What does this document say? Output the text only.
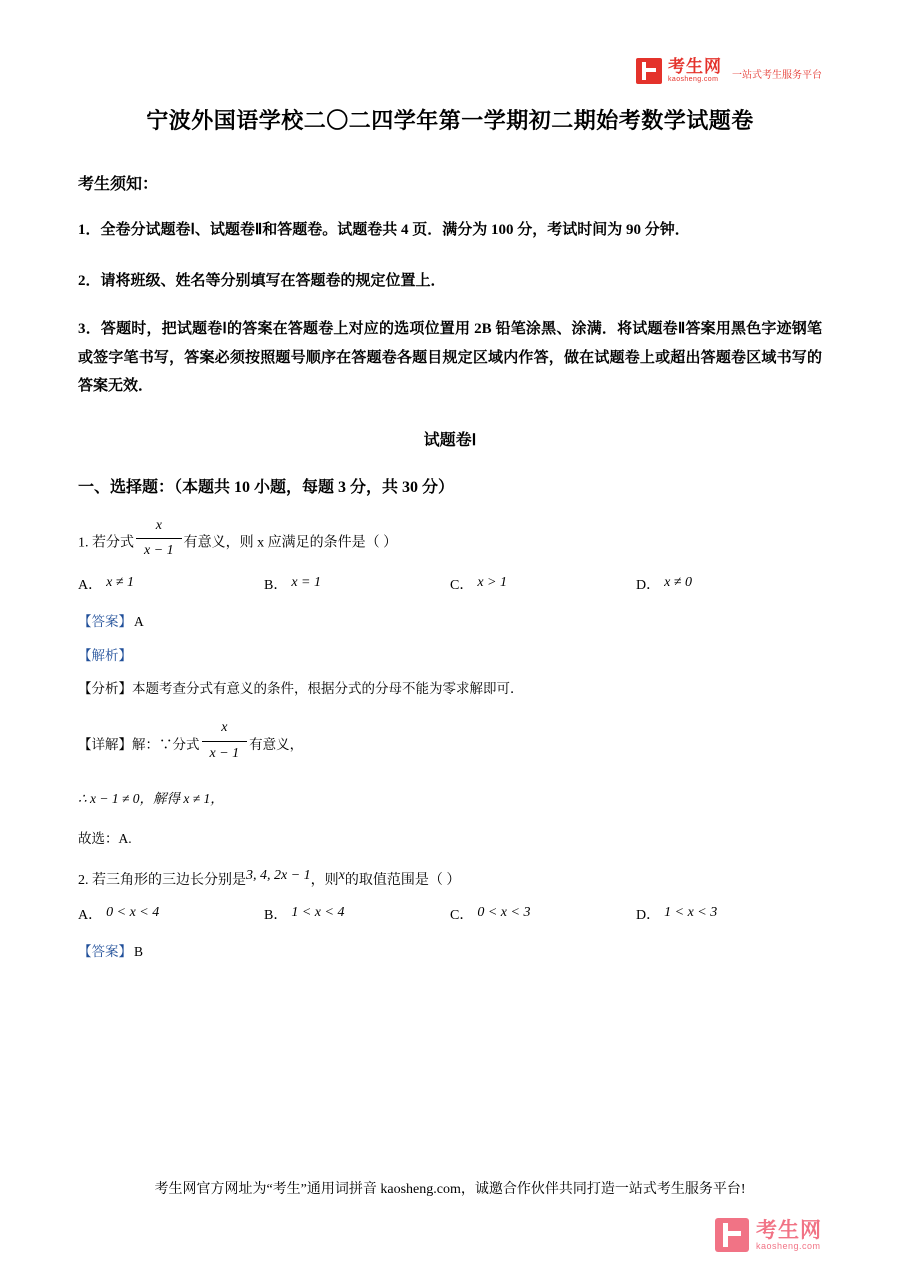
考生网
kaosheng.com	一站式考生服务平台
宁波外国语学校二〇二四学年第一学期初二期始考数学试题卷
考生须知：
1．全卷分试题卷Ⅰ、试题卷Ⅱ和答题卷。试题卷共 4 页．满分为 100 分，考试时间为 90 分钟．
2．请将班级、姓名等分别填写在答题卷的规定位置上．
3．答题时，把试题卷Ⅰ的答案在答题卷上对应的选项位置用 2B 铅笔涂黑、涂满．将试题卷Ⅱ答案用黑色字迹钢笔或签字笔书写，答案必须按照题号顺序在答题卷各题目规定区域内作答，做在试题卷上或超出答题卷区域书写的答案无效．
试题卷Ⅰ
一、选择题：（本题共 10 小题，每题 3 分，共 30 分）
1. 若分式 $\frac{x}{x - 1}$ 有意义，则 x 应满足的条件是（ ）
A． x ≠ 1	B． x = 1	C． x > 1	D． x ≠ 0
【答案】 A
【解析】
【分析】本题考查分式有意义的条件，根据分式的分母不能为零求解即可．
【详解】解：∵分式 $\frac{x}{x - 1}$ 有意义，
∴ x − 1 ≠ 0，解得 x ≠ 1，
故选：A.
2. 若三角形的三边长分别是3, 4, 2x − 1，则x的取值范围是（ ）
A． 0 < x < 4	B． 1 < x < 4	C． 0 < x < 3	D． 1 < x < 3
【答案】 B
考生网官方网址为“考生”通用词拼音 kaosheng.com，诚邀合作伙伴共同打造一站式考生服务平台!
考生网
kaosheng.com
